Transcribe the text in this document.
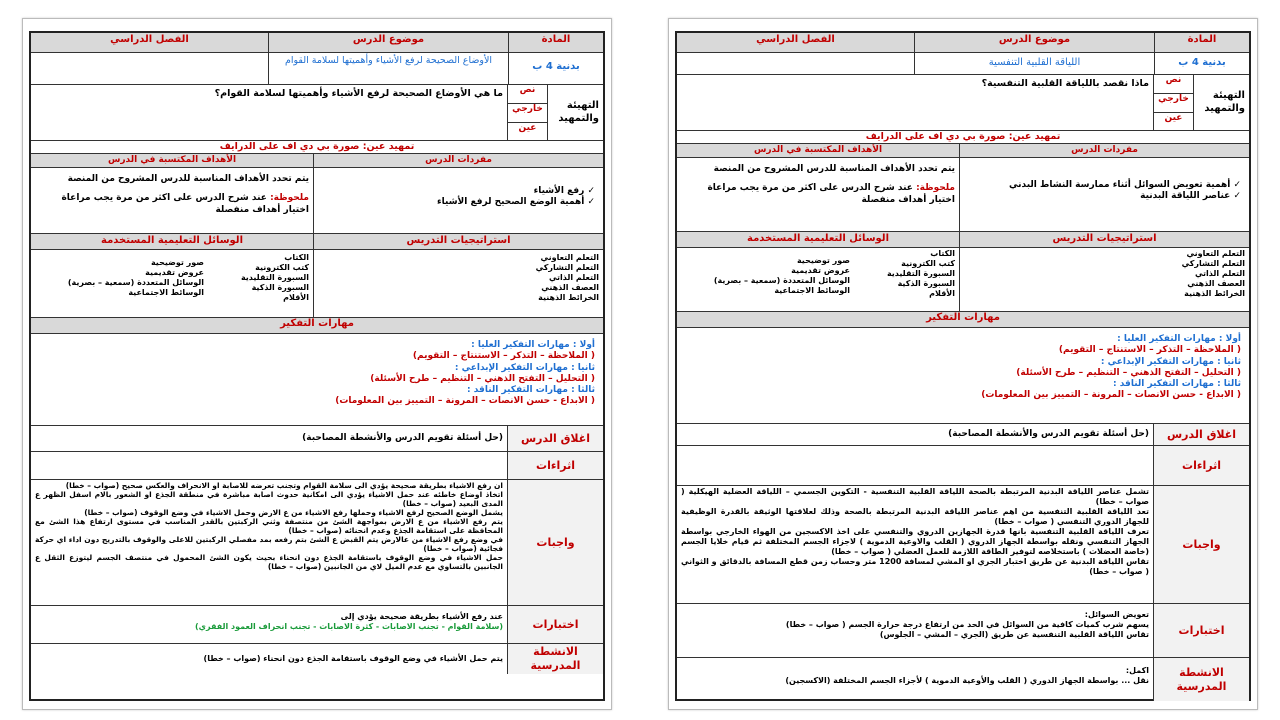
المادة
موضوع الدرس
الفصل الدراسي
بدنية 4 ب
اللياقة القلبية التنفسية
التهيئة والتمهيد
نص
خارجي
عين
ماذا نقصد باللياقة القلبية التنفسية؟
تمهيد عين: صورة بي دي اف على الدرايف
مفردات الدرس
الأهداف المكتسبة في الدرس
✓ أهمية تعويض السوائل أثناء ممارسة النشاط البدني
✓ عناصر اللياقة البدنية
يتم تحدد الأهداف المناسبة للدرس المشروح من المنصة
ملحوظة: عند شرح الدرس على اكثر من مرة يجب مراعاة اختيار أهداف منفصلة
استراتيجيات التدريس
الوسائل التعليمية المستخدمة
التعلم التعاوني
التعلم التشاركي
التعلم الذاتي
العصف الذهني
الخرائط الذهنية
الكتاب
كتب الكترونية
السبورة التقليدية
السبورة الذكية
الأقلام
صور توضيحية
عروض تقديمية
الوسائل المتعددة (سمعية – بصرية)
الوسائط الاجتماعية
مهارات التفكير
أولا : مهارات التفكير العليا :
( الملاحظة – التذكر – الاستنتاج – التقويم)
ثانيا : مهارات التفكير الإبداعي :
( التحليل – التفتح الذهني – التنظيم – طرح الأسئلة)
ثالثا : مهارات التفكير الناقد :
( الابداع - حسن الانصات – المرونة – التمييز بين المعلومات)
اغلاق الدرس
(حل أسئلة تقويم الدرس والأنشطة المصاحبة)
اثراءات
واجبات
تشمل عناصر اللياقة البدنية المرتبطة بالصحة اللياقة القلبية التنفسية - التكوين الجسمي – اللياقة العضلية الهيكلية ( صواب – خطا)
تعد اللياقة القلبية التنفسية من اهم عناصر اللياقة البدنية المرتبطة بالصحة وذلك لعلاقتها الوثيقة بالقدرة الوظيفية للجهاز الدوري التنفسي ( صواب – خطا)
تعرف اللياقة القلبية التنفسية بانها قدرة الجهازين الدروي والتنفسي على اخذ الاكسجين من الهواء الخارجي بواسطة الجهاز التنفسي ونقله بواسطة الجهاز الدروي ( القلب والاوعية الدموية ) لاجزاء الجسم المختلفة ثم قيام خلايا الجسم (خاصة العضلات ) باستخلاصه لتوفير الطاقة اللازمة للعمل العضلي ( صواب – خطا)
تقاس اللياقة البدنية عن طريق اختبار الجري او المشي لمسافة 1200 متر وحساب زمن قطع المسافة بالدقائق و الثواني ( صواب – خطا)
اختبارات
تعويض السوائل:
يسهم شرب كميات كافية من السوائل في الحد من ارتفاع درجة حرارة الجسم ( صواب – خطا)
تقاس اللياقة القلبية التنفسية عن طريق (الجري – المشي – الجلوس)
الانشطة المدرسية
اكمل:
نقل ... بواسطة الجهاز الدوري ( القلب والأوعية الدموية ) لأجزاء الجسم المختلفة (الاكسجين)
المادة
موضوع الدرس
الفصل الدراسي
بدنية 4 ب
الأوضاع الصحيحة لرفع الأشياء وأهميتها لسلامة القوام
التهيئة والتمهيد
نص
خارجي
عين
ما هي الأوضاع الصحيحة لرفع الأشياء وأهميتها لسلامة القوام؟
تمهيد عين: صورة بي دي اف على الدرايف
مفردات الدرس
الأهداف المكتسبة في الدرس
✓ رفع الأشياء
✓ أهمية الوضع الصحيح لرفع الأشياء
يتم تحدد الأهداف المناسبة للدرس المشروح من المنصة
ملحوظة: عند شرح الدرس على اكثر من مرة يجب مراعاة اختيار أهداف منفصلة
استراتيجيات التدريس
الوسائل التعليمية المستخدمة
التعلم التعاوني
التعلم التشاركي
التعلم الذاتي
العصف الذهني
الخرائط الذهنية
الكتاب
كتب الكترونية
السبورة التقليدية
السبورة الذكية
الأقلام
صور توضيحية
عروض تقديمية
الوسائل المتعددة (سمعية – بصرية)
الوسائط الاجتماعية
مهارات التفكير
أولا : مهارات التفكير العليا :
( الملاحظة – التذكر – الاستنتاج – التقويم)
ثانيا : مهارات التفكير الإبداعي :
( التحليل – التفتح الذهني – التنظيم – طرح الأسئلة)
ثالثا : مهارات التفكير الناقد :
( الابداع - حسن الانصات – المرونة – التمييز بين المعلومات)
اغلاق الدرس
(حل أسئلة تقويم الدرس والأنشطة المصاحبة)
اثراءات
واجبات
ان رفع الاشياء بطريقة صحيحة يؤدي الى سلامة القوام وتجنب تعرضه للاصابة او الانحراف والعكس صحيح (صواب – خطا)
اتخاذ اوضاع خاطئه عند حمل الاشياء يؤدي الى امكانية حدوث اصابة مباشرة في منطقة الجذع او الشعور بالام اسفل الظهر ع المدى البعيد (صواب – خطا)
يشمل الوضع الصحيح لرفع الاشياء وحملها رفع الاشياء من ع الارض وحمل الاشياء في وضع الوقوف (صواب – خطا)
يتم رفع الاشياء من ع الارض بمواجهة الشئ من منتصفة وثني الركبتين بالقدر المناسب في مستوى ارتفاع هذا الشئ مع المحافظة على استقامة الجذع وعدم انحنائه (صواب – خطا)
في وضع رفع الاشياء من عالارض يتم القبض ع الشئ بتم رفعه بمد مفصلي الركبتين للاعلى والوقوف بالتدريج دون اداء اي حركة فجائية (صواب – خطا)
حمل الاشياء في وضع الوقوف باستقامة الجذع دون انحناء بحيث يكون الشئ المحمول في منتصف الجسم ليتوزع الثقل ع الجانبين بالتساوي مع عدم الميل لاي من الجانبين (صواب – خطا)
اختبارات
عند رفع الأشياء بطريقة صحيحة يؤدي إلى
(سلامة القوام - تجنب الاصابات - كثرة الاصابات - تجنب انحراف العمود الفقري)
الانشطة المدرسية
يتم حمل الأشياء في وضع الوقوف باستقامة الجذع دون انحناء (صواب – خطا)
